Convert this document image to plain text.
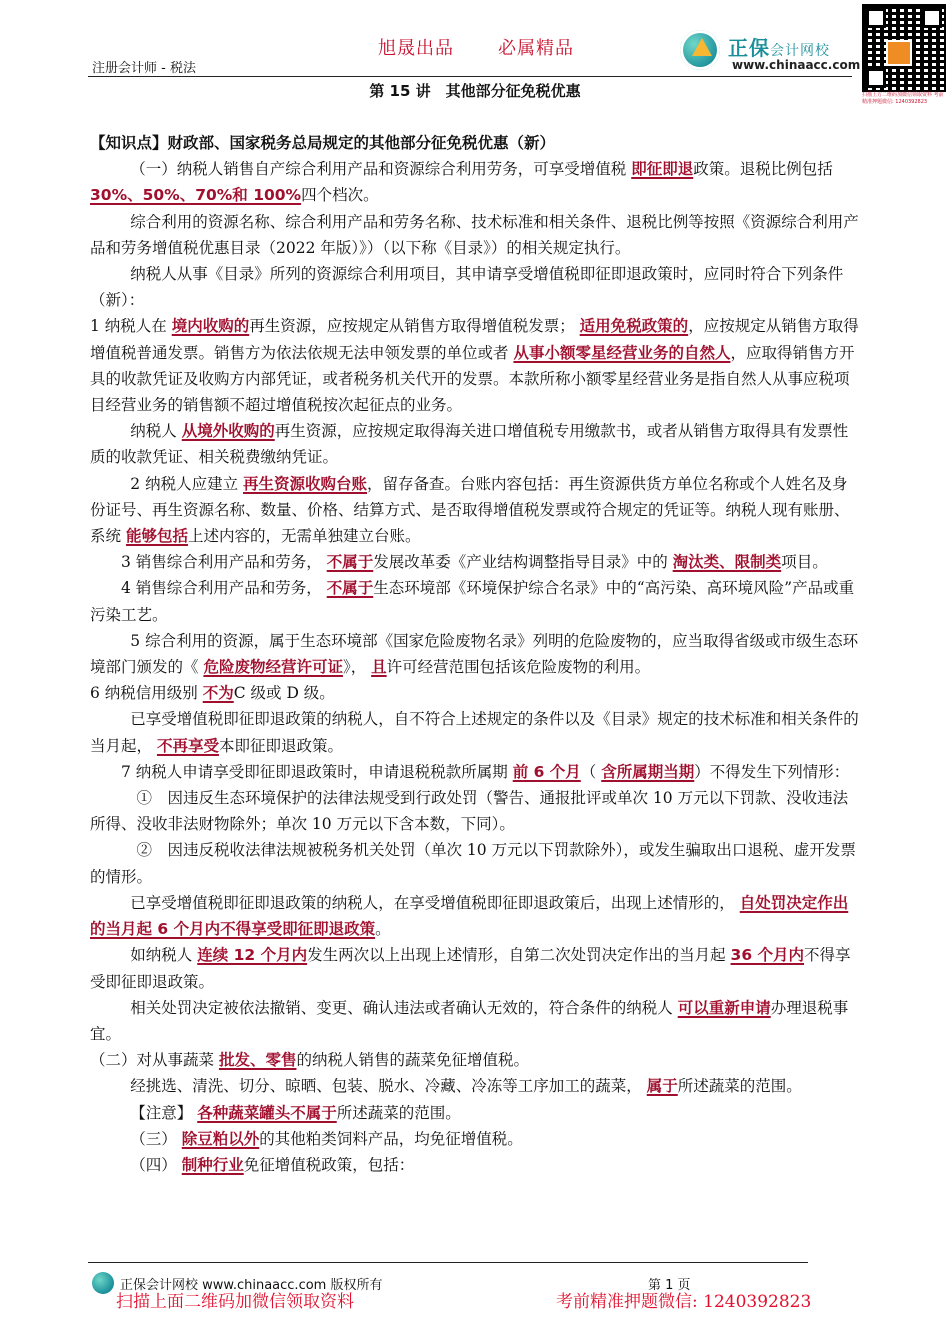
旭晟出品 必属精品
注册会计师 - 税法
正保会计网校
www.chinaacc.com
扫描上方二维码加微信领取资料 考前精准押题微信: 1240392823
第 15 讲　其他部分征免税优惠

【知识点】财政部、国家税务总局规定的其他部分征免税优惠（新）

（一）纳税人销售自产综合利用产品和资源综合利用劳务，可享受增值税 即征即退政策。退税比例包括 30%、50%、70%和 100%四个档次。

综合利用的资源名称、综合利用产品和劳务名称、技术标准和相关条件、退税比例等按照《资源综合利用产品和劳务增值税优惠目录（2022 年版）》）（以下称《目录》）的相关规定执行。

纳税人从事《目录》所列的资源综合利用项目，其申请享受增值税即征即退政策时，应同时符合下列条件（新）：

1 纳税人在 境内收购的再生资源，应按规定从销售方取得增值税发票； 适用免税政策的，应按规定从销售方取得增值税普通发票。销售方为依法依规无法申领发票的单位或者 从事小额零星经营业务的自然人，应取得销售方开具的收款凭证及收购方内部凭证，或者税务机关代开的发票。本款所称小额零星经营业务是指自然人从事应税项目经营业务的销售额不超过增值税按次起征点的业务。

纳税人 从境外收购的再生资源，应按规定取得海关进口增值税专用缴款书，或者从销售方取得具有发票性质的收款凭证、相关税费缴纳凭证。

2 纳税人应建立 再生资源收购台账，留存备查。台账内容包括：再生资源供货方单位名称或个人姓名及身份证号、再生资源名称、数量、价格、结算方式、是否取得增值税发票或符合规定的凭证等。纳税人现有账册、系统 能够包括上述内容的，无需单独建立台账。

3 销售综合利用产品和劳务， 不属于发展改革委《产业结构调整指导目录》中的 淘汰类、限制类项目。

4 销售综合利用产品和劳务， 不属于生态环境部《环境保护综合名录》中的“高污染、高环境风险”产品或重污染工艺。

5 综合利用的资源，属于生态环境部《国家危险废物名录》列明的危险废物的，应当取得省级或市级生态环境部门颁发的《 危险废物经营许可证》， 且许可经营范围包括该危险废物的利用。

6 纳税信用级别 不为C 级或 D 级。

已享受增值税即征即退政策的纳税人，自不符合上述规定的条件以及《目录》规定的技术标准和相关条件的当月起， 不再享受本即征即退政策。

7 纳税人申请享受即征即退政策时，申请退税税款所属期 前 6 个月（ 含所属期当期）不得发生下列情形：

①　因违反生态环境保护的法律法规受到行政处罚（警告、通报批评或单次 10 万元以下罚款、没收违法所得、没收非法财物除外；单次 10 万元以下含本数，下同）。

②　因违反税收法律法规被税务机关处罚（单次 10 万元以下罚款除外），或发生骗取出口退税、虚开发票的情形。

已享受增值税即征即退政策的纳税人，在享受增值税即征即退政策后，出现上述情形的， 自处罚决定作出的当月起 6 个月内不得享受即征即退政策。

如纳税人 连续 12 个月内发生两次以上出现上述情形，自第二次处罚决定作出的当月起 36 个月内不得享受即征即退政策。

相关处罚决定被依法撤销、变更、确认违法或者确认无效的，符合条件的纳税人 可以重新申请办理退税事宜。

（二）对从事蔬菜 批发、零售的纳税人销售的蔬菜免征增值税。

经挑选、清洗、切分、晾晒、包装、脱水、冷藏、冷冻等工序加工的蔬菜， 属于所述蔬菜的范围。

【注意】 各种蔬菜罐头不属于所述蔬菜的范围。

（三） 除豆粕以外的其他粕类饲料产品，均免征增值税。

（四） 制种行业免征增值税政策，包括：

正保会计网校 www.chinaacc.com 版权所有	第 1 页
扫描上面二维码加微信领取资料	考前精准押题微信: 1240392823
